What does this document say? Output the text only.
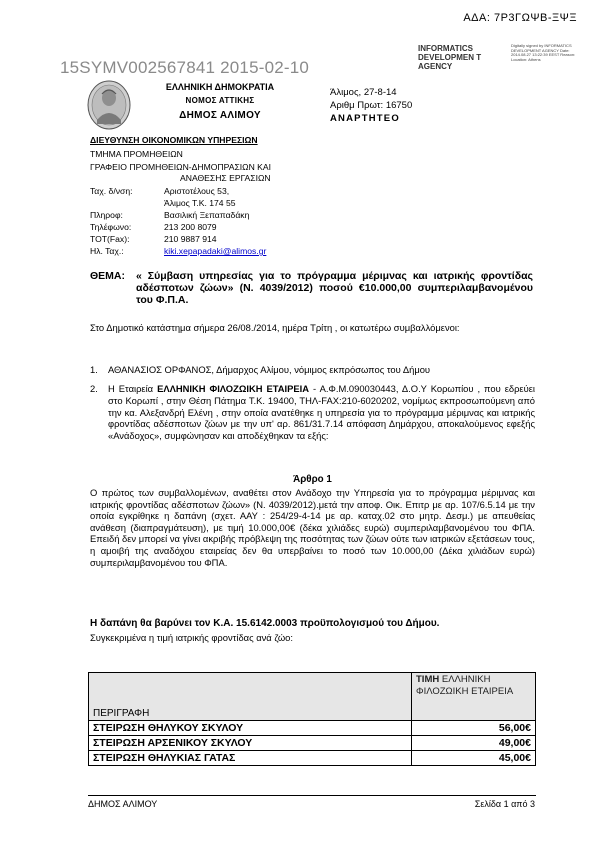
ΑΔΑ: 7Ρ3ΓΩΨΒ-ΞΨΞ
15SYMV002567841 2015-02-10
INFORMATICS DEVELOPMEN T AGENCY
Digitally signed by INFORMATICS DEVELOPMENT AGENCY Date: 2014.08.27 13:22:39 EEST Reason: Location: Athens
ΕΛΛΗΝΙΚΗ ΔΗΜΟΚΡΑΤΙΑ
ΝΟΜΟΣ ΑΤΤΙΚΗΣ
ΔΗΜΟΣ ΑΛΙΜΟΥ
Άλιμος, 27-8-14
Αριθμ Πρωτ: 16750
ΑΝΑΡΤΗΤΕΟ
ΔΙΕΥΘΥΝΣΗ ΟΙΚΟΝΟΜΙΚΩΝ ΥΠΗΡΕΣΙΩΝ
ΤΜΗΜΑ ΠΡΟΜΗΘΕΙΩΝ
ΓΡΑΦΕΙΟ ΠΡΟΜΗΘΕΙΩΝ-ΔΗΜΟΠΡΑΣΙΩΝ ΚΑΙ
ΑΝΑΘΕΣΗΣ ΕΡΓΑΣΙΩΝ
Ταχ. δ/νση:	Αριστοτέλους 53,
Άλιμος Τ.Κ. 174 55
Πληροφ:	Βασιλική Ξεπαπαδάκη
Τηλέφωνο:	213 200 8079
ΤΟΤ(Fax):	210 9887 914
Ηλ. Ταχ.:	kiki.xepapadaki@alimos.gr
ΘΕΜΑ: « Σύμβαση υπηρεσίας για το πρόγραμμα μέριμνας και ιατρικής φροντίδας αδέσποτων ζώων» (Ν. 4039/2012) ποσού €10.000,00 συμπεριλαμβανομένου του Φ.Π.Α.
Στο Δημοτικό κατάστημα σήμερα 26/08./2014, ημέρα Τρίτη , οι κατωτέρω συμβαλλόμενοι:
1. ΑΘΑΝΑΣΙΟΣ ΟΡΦΑΝΟΣ, Δήμαρχος Αλίμου, νόμιμος εκπρόσωπος του Δήμου
2. Η Εταιρεία ΕΛΛΗΝΙΚΗ ΦΙΛΟΖΩΙΚΗ ΕΤΑΙΡΕΙΑ - Α.Φ.Μ.090030443, Δ.Ο.Υ Κορωπίου , που εδρεύει στο Κορωπί , στην Θέση Πάτημα Τ.Κ. 19400, ΤΗΛ-FAX:210-6020202, νομίμως εκπροσωπούμενη από την κα. Αλεξανδρή Ελένη , στην οποία ανατέθηκε η υπηρεσία για το πρόγραμμα μέριμνας και ιατρικής φροντίδας αδέσποτων ζώων με την υπ' αρ. 861/31.7.14 απόφαση Δημάρχου, αποκαλούμενος εφεξής «Ανάδοχος», συμφώνησαν και αποδέχθηκαν τα εξής:
Άρθρο 1
Ο πρώτος των συμβαλλομένων, αναθέτει στον Ανάδοχο την Υπηρεσία για το πρόγραμμα μέριμνας και ιατρικής φροντίδας αδέσποτων ζώων» (Ν. 4039/2012).μετά την αποφ. Οικ. Επιτρ με αρ. 107/6.5.14 με την οποία εγκρίθηκε η δαπάνη (σχετ. ΑΑΥ : 254/29-4-14 με αρ. καταχ.02 στο μητρ. Δεσμ.) με απευθείας ανάθεση (διαπραγμάτευση), με τιμή 10.000,00€ (δέκα χιλιάδες ευρώ) συμπεριλαμβανομένου του ΦΠΑ. Επειδή δεν μπορεί να γίνει ακριβής πρόβλεψη της ποσότητας των ζώων ούτε των ιατρικών εξετάσεων τους, η αμοιβή της αναδόχου εταιρείας δεν θα υπερβαίνει το ποσό των 10.000,00 (Δέκα χιλιάδων ευρώ) συμπεριλαμβανομένου του ΦΠΑ.
Η δαπάνη θα βαρύνει τον Κ.Α. 15.6142.0003 προϋπολογισμού του Δήμου.
Συγκεκριμένα η τιμή ιατρικής φροντίδας ανά ζώο:
ΠΕΡΙΓΡΑΦΗ	ΤΙΜΗ ΕΛΛΗΝΙΚΗ ΦΙΛΟΖΩΙΚΗ ΕΤΑΙΡΕΙΑ
ΣΤΕΙΡΩΣΗ ΘΗΛΥΚΟΥ ΣΚΥΛΟΥ	56,00€
ΣΤΕΙΡΩΣΗ ΑΡΣΕΝΙΚΟΥ ΣΚΥΛΟΥ	49,00€
ΣΤΕΙΡΩΣΗ ΘΗΛΥΚΙΑΣ ΓΑΤΑΣ	45,00€
ΔΗΜΟΣ ΑΛΙΜΟΥ	Σελίδα 1 από 3
